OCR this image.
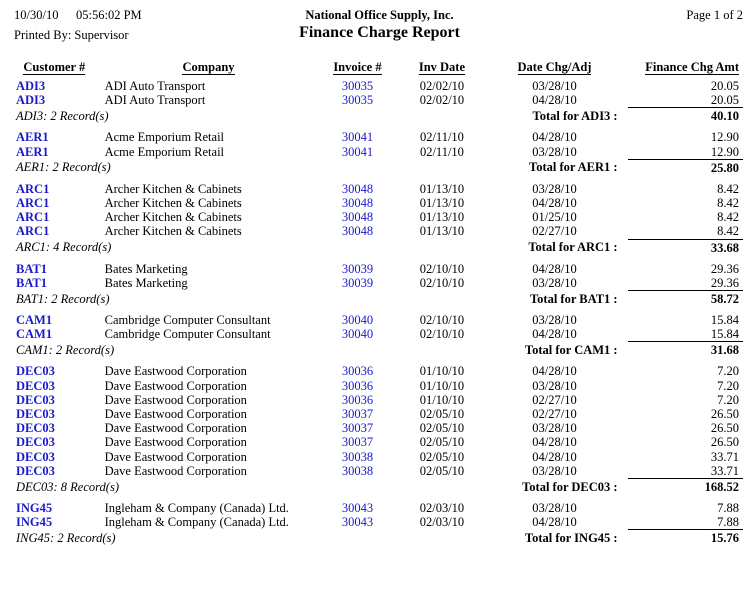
10/30/10 05:56:02 PM	National Office Supply, Inc.	Page 1 of 2
Printed By: Supervisor	Finance Charge Report
Customer #	Company	Invoice #	Inv Date	Date Chg/Adj	Finance Chg Amt
ADI3	ADI Auto Transport	30035	02/02/10	03/28/10	20.05
ADI3	ADI Auto Transport	30035	02/02/10	04/28/10	20.05
ADI3: 2 Record(s)				Total for ADI3 :	40.10

AER1	Acme Emporium Retail	30041	02/11/10	04/28/10	12.90
AER1	Acme Emporium Retail	30041	02/11/10	03/28/10	12.90
AER1: 2 Record(s)				Total for AER1 :	25.80

ARC1	Archer Kitchen & Cabinets	30048	01/13/10	03/28/10	8.42
ARC1	Archer Kitchen & Cabinets	30048	01/13/10	04/28/10	8.42
ARC1	Archer Kitchen & Cabinets	30048	01/13/10	01/25/10	8.42
ARC1	Archer Kitchen & Cabinets	30048	01/13/10	02/27/10	8.42
ARC1: 4 Record(s)				Total for ARC1 :	33.68

BAT1	Bates Marketing	30039	02/10/10	04/28/10	29.36
BAT1	Bates Marketing	30039	02/10/10	03/28/10	29.36
BAT1: 2 Record(s)				Total for BAT1 :	58.72

CAM1	Cambridge Computer Consultant	30040	02/10/10	03/28/10	15.84
CAM1	Cambridge Computer Consultant	30040	02/10/10	04/28/10	15.84
CAM1: 2 Record(s)				Total for CAM1 :	31.68

DEC03	Dave Eastwood Corporation	30036	01/10/10	04/28/10	7.20
DEC03	Dave Eastwood Corporation	30036	01/10/10	03/28/10	7.20
DEC03	Dave Eastwood Corporation	30036	01/10/10	02/27/10	7.20
DEC03	Dave Eastwood Corporation	30037	02/05/10	02/27/10	26.50
DEC03	Dave Eastwood Corporation	30037	02/05/10	03/28/10	26.50
DEC03	Dave Eastwood Corporation	30037	02/05/10	04/28/10	26.50
DEC03	Dave Eastwood Corporation	30038	02/05/10	04/28/10	33.71
DEC03	Dave Eastwood Corporation	30038	02/05/10	03/28/10	33.71
DEC03: 8 Record(s)				Total for DEC03 :	168.52

ING45	Ingleham & Company (Canada) Ltd.	30043	02/03/10	03/28/10	7.88
ING45	Ingleham & Company (Canada) Ltd.	30043	02/03/10	04/28/10	7.88
ING45: 2 Record(s)				Total for ING45 :	15.76
